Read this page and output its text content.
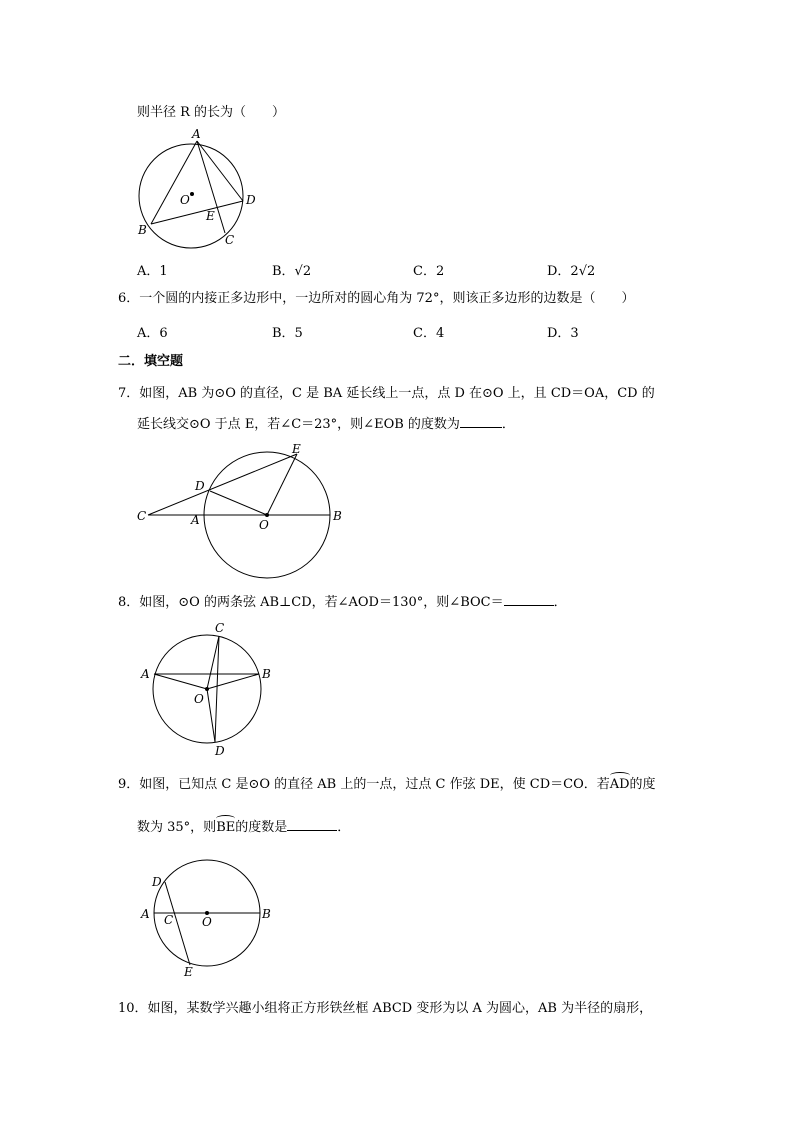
则半径 R 的长为（　　）
A
B
C
D
E
O
A．1	B．√2	C．2	D．2√2
6．一个圆的内接正多边形中，一边所对的圆心角为 72°，则该正多边形的边数是（　　）
A．6	B．5	C．4	D．3
二．填空题
7．如图，AB 为⊙O 的直径，C 是 BA 延长线上一点，点 D 在⊙O 上，且 CD＝OA，CD 的
延长线交⊙O 于点 E，若∠C＝23°，则∠EOB 的度数为	．
C	A	O
B
D
E
8．如图，⊙O 的两条弦 AB⊥CD，若∠AOD＝130°，则∠BOC＝	．
C
A	B
O
D
9．如图，已知点 C 是⊙O 的直径 AB 上的一点，过点 C 作弦 DE，使 CD＝CO．若AD的度
数为 35°，则BE的度数是	．
D
A C O
B
E
10．如图，某数学兴趣小组将正方形铁丝框 ABCD 变形为以 A 为圆心，AB 为半径的扇形，
